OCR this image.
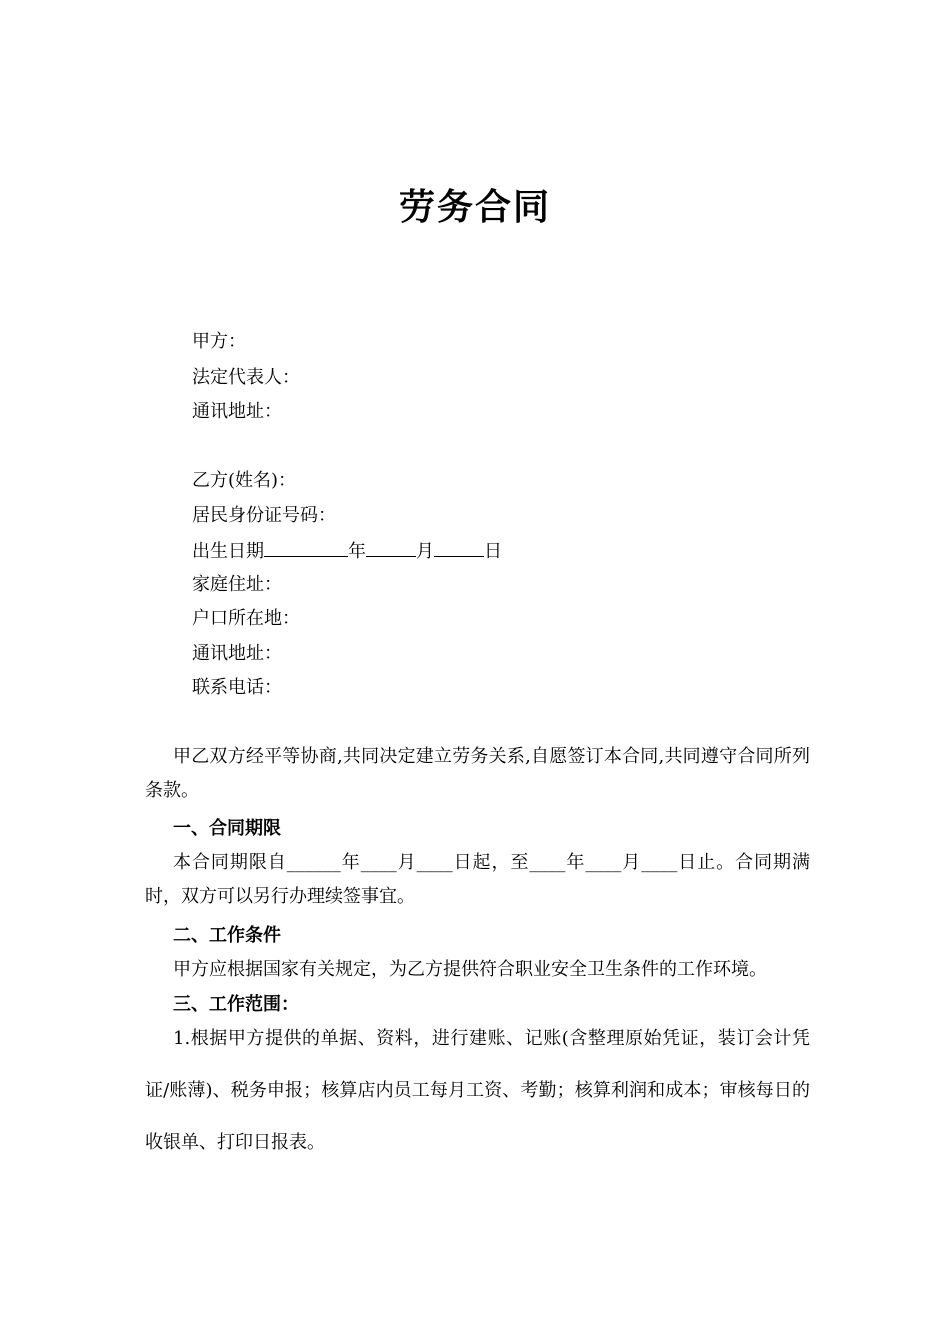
劳务合同
甲方：
法定代表人：
通讯地址：
乙方(姓名)：
居民身份证号码：
出生日期	年	月	日
家庭住址：
户口所在地：
通讯地址：
联系电话：
甲乙双方经平等协商,共同决定建立劳务关系,自愿签订本合同,共同遵守合同所列条款。
一、合同期限
本合同期限自______年____月____日起，至____年____月____日止。合同期满时，双方可以另行办理续签事宜。
二、工作条件
甲方应根据国家有关规定，为乙方提供符合职业安全卫生条件的工作环境。
三、工作范围：
1.根据甲方提供的单据、资料，进行建账、记账(含整理原始凭证，装订会计凭证/账薄)、税务申报；核算店内员工每月工资、考勤；核算利润和成本；审核每日的收银单、打印日报表。
